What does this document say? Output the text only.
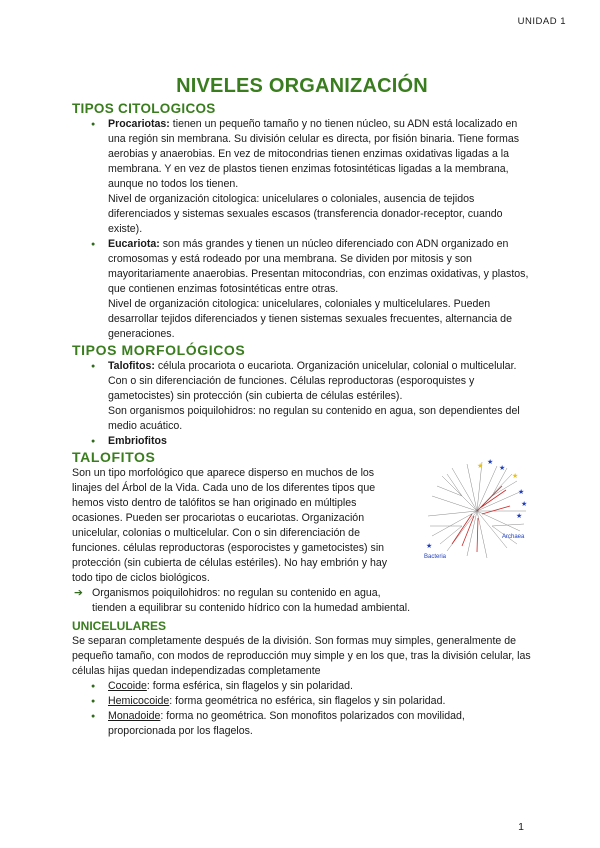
UNIDAD 1
NIVELES ORGANIZACIÓN
TIPOS CITOLOGICOS
● Procariotas: tienen un pequeño tamaño y no tienen núcleo, su ADN está localizado en una región sin membrana. Su división celular es directa, por fisión binaria. Tiene formas aerobias y anaerobias. En vez de mitocondrias tienen enzimas oxidativas ligadas a la membrana. Y en vez de plastos tienen enzimas fotosintéticas ligadas a la membrana, aunque no todos los tienen.
Nivel de organización citologica: unicelulares o coloniales, ausencia de tejidos diferenciados y sistemas sexuales escasos (transferencia donador-receptor, cuando existe).
● Eucariota: son más grandes y tienen un núcleo diferenciado con ADN organizado en cromosomas y está rodeado por una membrana. Se dividen por mitosis y son mayoritariamente anaerobias. Presentan mitocondrias, con enzimas oxidativas, y plastos, que contienen enzimas fotosintéticas entre otras.
Nivel de organización citologica: unicelulares, coloniales y multicelulares. Pueden desarrollar tejidos diferenciados y tienen sistemas sexuales frecuentes, alternancia de generaciones.
TIPOS MORFOLÓGICOS
● Talofitos: célula procariota o eucariota. Organización unicelular, colonial o multicelular. Con o sin diferenciación de funciones. Células reproductoras (esporoquistes y gametocistes) sin protección (sin cubierta de células estériles).
Son organismos poiquilohidros: no regulan su contenido en agua, son dependientes del medio acuático.
● Embriofitos
TALOFITOS

Son un tipo morfológico que aparece disperso en muchos de los linajes del Árbol de la Vida. Cada uno de los diferentes tipos que hemos visto dentro de talófitos se han originado en múltiples ocasiones. Pueden ser procariotas o eucariotas. Organización unicelular, colonias o multicelular. Con o sin diferenciación de funciones. células reproductoras (esporocistes y gametocistes) sin protección (sin cubierta de células estériles). No hay embrión y hay todo tipo de ciclos biológicos.

Archaea
Bacteria
★ ★
★
★
★
★
★
★
➔ Organismos poiquilohidros: no regulan su contenido en agua,
tienden a equilibrar su contenido hídrico con la humedad ambiental.
UNICELULARES

Se separan completamente después de la división. Son formas muy simples, generalmente de pequeño tamaño, con modos de reproducción muy simple y en los que, tras la división celular, las células hijas quedan independizadas completamente

● Cocoide: forma esférica, sin flagelos y sin polaridad.
● Hemicocoide: forma geométrica no esférica, sin flagelos y sin polaridad.
● Monadoide: forma no geométrica. Son monofitos polarizados con movilidad, proporcionada por los flagelos.
1
